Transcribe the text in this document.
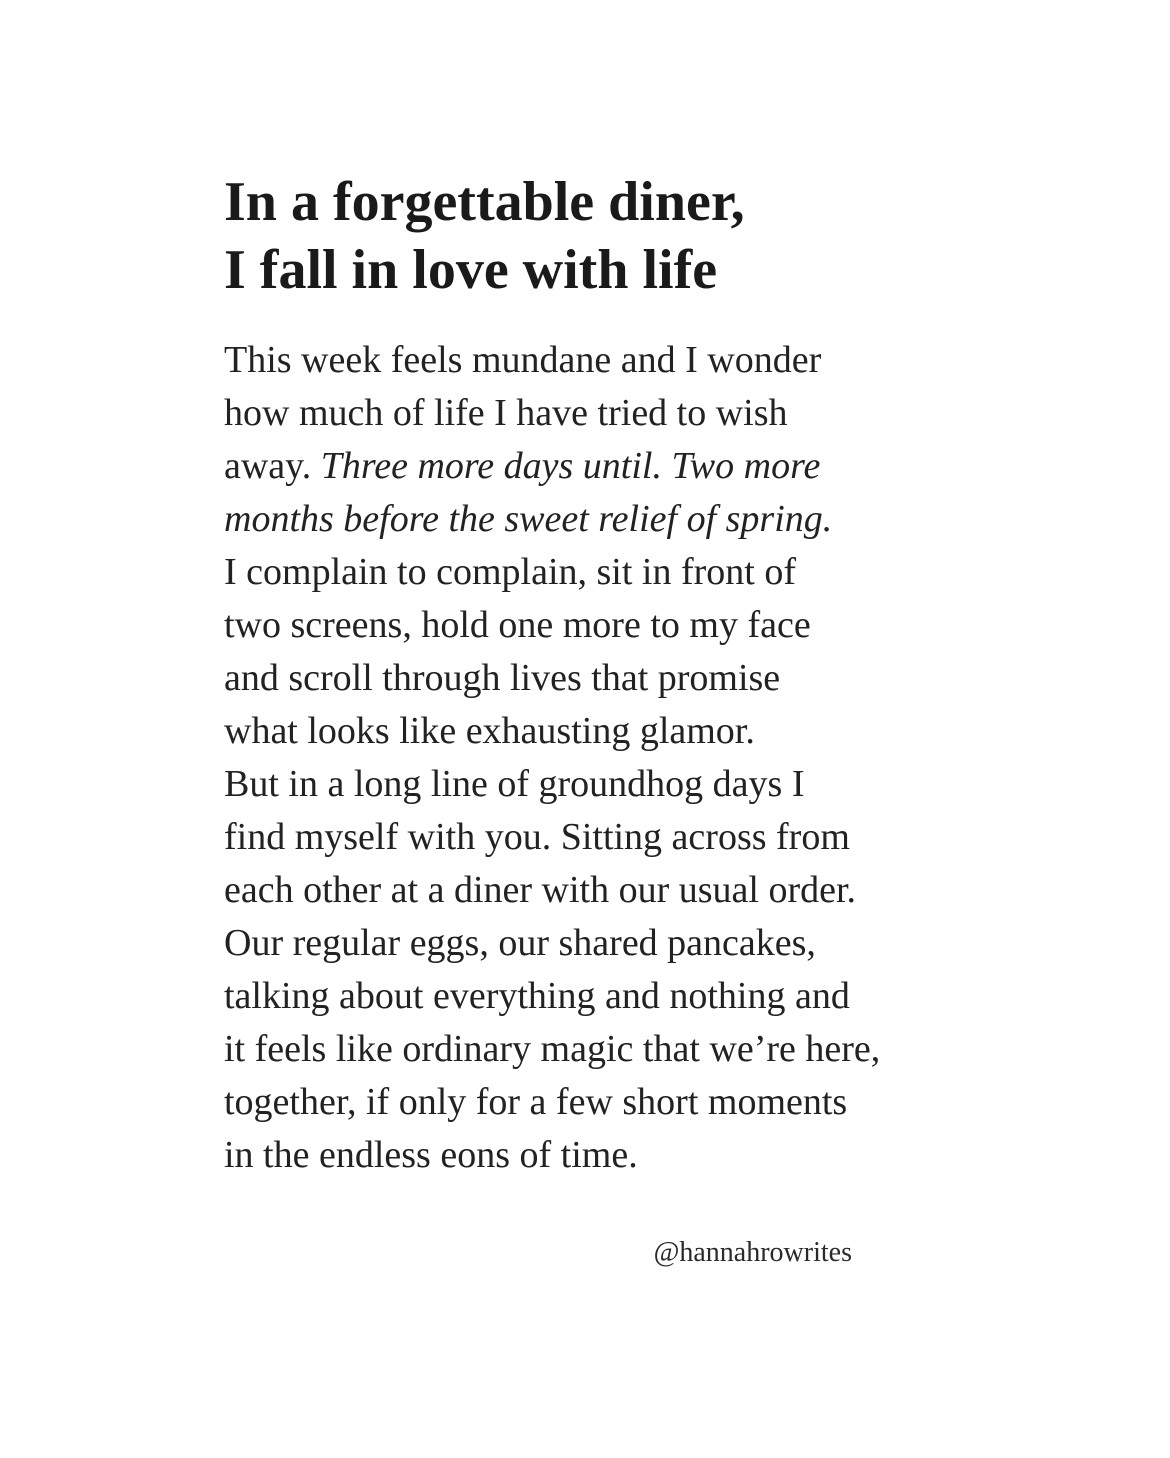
In a forgettable diner,
I fall in love with life
This week feels mundane and I wonder
how much of life I have tried to wish
away. Three more days until. Two more
months before the sweet relief of spring.
I complain to complain, sit in front of
two screens, hold one more to my face
and scroll through lives that promise
what looks like exhausting glamor.
But in a long line of groundhog days I
find myself with you. Sitting across from
each other at a diner with our usual order.
Our regular eggs, our shared pancakes,
talking about everything and nothing and
it feels like ordinary magic that we’re here,
together, if only for a few short moments
in the endless eons of time.
@hannahrowrites
